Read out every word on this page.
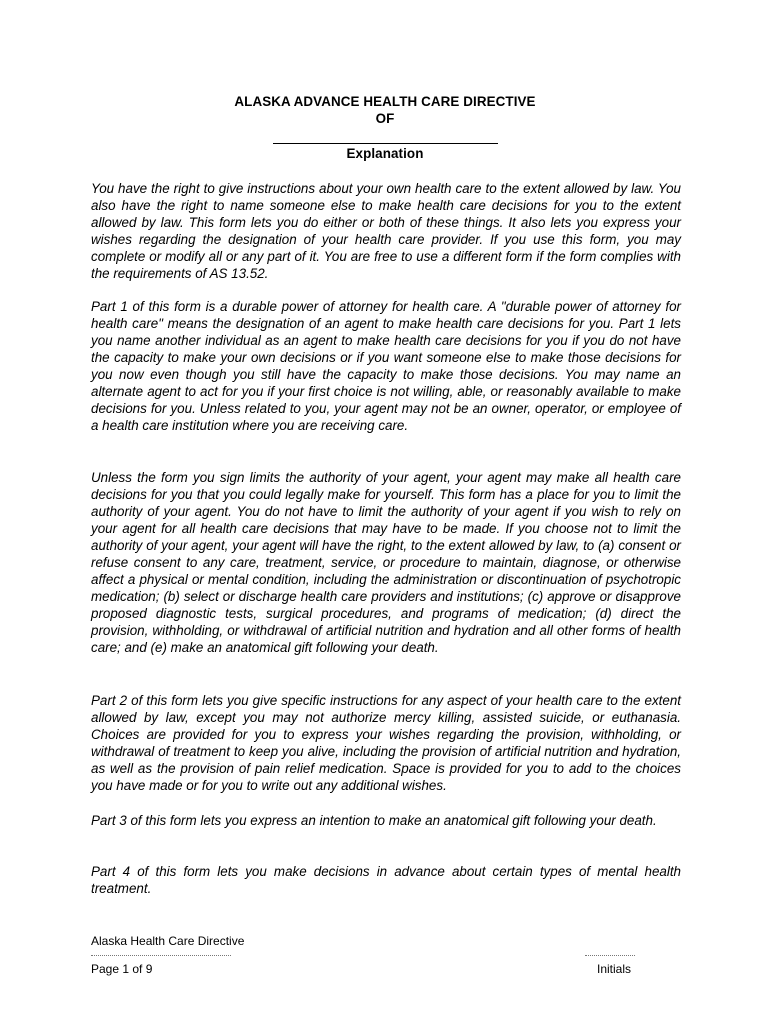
ALASKA ADVANCE HEALTH CARE DIRECTIVE
OF
Explanation

You have the right to give instructions about your own health care to the extent allowed by law. You also have the right to name someone else to make health care decisions for you to the extent allowed by law. This form lets you do either or both of these things. It also lets you express your wishes regarding the designation of your health care provider. If you use this form, you may complete or modify all or any part of it. You are free to use a different form if the form complies with the requirements of AS 13.52.

Part 1 of this form is a durable power of attorney for health care. A "durable power of attorney for health care" means the designation of an agent to make health care decisions for you. Part 1 lets you name another individual as an agent to make health care decisions for you if you do not have the capacity to make your own decisions or if you want someone else to make those decisions for you now even though you still have the capacity to make those decisions. You may name an alternate agent to act for you if your first choice is not willing, able, or reasonably available to make decisions for you. Unless related to you, your agent may not be an owner, operator, or employee of a health care institution where you are receiving care.

Unless the form you sign limits the authority of your agent, your agent may make all health care decisions for you that you could legally make for yourself. This form has a place for you to limit the authority of your agent. You do not have to limit the authority of your agent if you wish to rely on your agent for all health care decisions that may have to be made. If you choose not to limit the authority of your agent, your agent will have the right, to the extent allowed by law, to (a) consent or refuse consent to any care, treatment, service, or procedure to maintain, diagnose, or otherwise affect a physical or mental condition, including the administration or discontinuation of psychotropic medication; (b) select or discharge health care providers and institutions; (c) approve or disapprove proposed diagnostic tests, surgical procedures, and programs of medication; (d) direct the provision, withholding, or withdrawal of artificial nutrition and hydration and all other forms of health care; and (e) make an anatomical gift following your death.

Part 2 of this form lets you give specific instructions for any aspect of your health care to the extent allowed by law, except you may not authorize mercy killing, assisted suicide, or euthanasia. Choices are provided for you to express your wishes regarding the provision, withholding, or withdrawal of treatment to keep you alive, including the provision of artificial nutrition and hydration, as well as the provision of pain relief medication. Space is provided for you to add to the choices you have made or for you to write out any additional wishes.

Part 3 of this form lets you express an intention to make an anatomical gift following your death.

Part 4 of this form lets you make decisions in advance about certain types of mental health treatment.

Alaska Health Care Directive
Page 1 of 9	Initials
